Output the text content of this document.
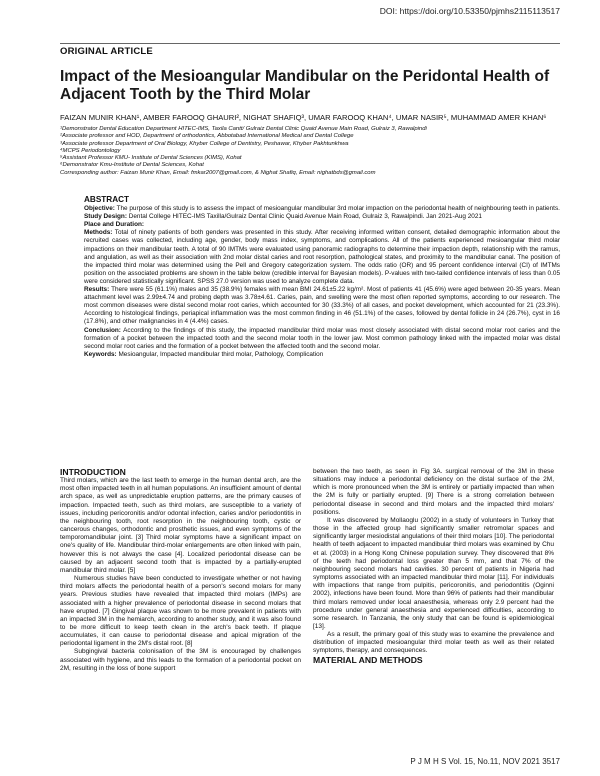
DOI: https://doi.org/10.53350/pjmhs2115113517
ORIGINAL ARTICLE
Impact of the Mesioangular Mandibular on the Peridontal Health of Adjacent Tooth by the Third Molar
FAIZAN MUNIR KHAN¹, AMBER FAROOQ GHAURI², NIGHAT SHAFIQ³, UMAR FAROOQ KHAN⁴, UMAR NASIR⁵, MUHAMMAD AMER KHAN⁶
¹Demonstrator Dental Education Department HITEC-IMS, Taxila Cantt/ Gulraiz Dental Clinic Quaid Avenue Main Road, Gulraiz 3, Rawalpindi
²Associate professor and HOD, Department of orthodontics, Abbotabad International Medical and Dental College
³Associate professor Department of Oral Biology, Khyber College of Dentistry, Peshawar, Khyber Pakhtunkhwa
⁴MCPS Periodontology
⁵Assistant Professor KMU- Institute of Dental Sciences (KIMS), Kohat
⁶Demonstrator Kmu-Institute of Dental Sciences, Kohat
Corresponding author: Faizan Munir Khan, Email: fmkar2007@gmail.com, & Nighat Shafiq, Email: nighatbds@gmail.com
ABSTRACT

Objective: The purpose of this study is to assess the impact of mesioangular mandibular 3rd molar impaction on the periodontal health of neighbouring teeth in patients.

Study Design: Dental College HITEC-IMS Taxilla/Gulraiz Dental Clinic Quaid Avenue Main Road, Gulraiz 3, Rawalpindi. Jan 2021-Aug 2021

Place and Duration:

Methods: Total of ninety patients of both genders was presented in this study. After receiving informed written consent, detailed demographic information about the recruited cases was collected, including age, gender, body mass index, symptoms, and complications. All of the patients experienced mesioangular third molar impactions on their mandibular teeth. A total of 90 IMTMs were evaluated using panoramic radiographs to determine their impaction depth, relationship with the ramus, and angulation, as well as their association with 2nd molar distal caries and root resorption, pathological states, and proximity to the mandibular canal. The position of the impacted third molar was determined using the Pell and Gregory categorization system. The odds ratio (OR) and 95 percent confidence interval (CI) of IMTMs position on the associated problems are shown in the table below (credible interval for Bayesian models). P-values with two-tailed confidence intervals of less than 0.05 were considered statistically significant. SPSS 27.0 version was used to analyze complete data.

Results: There were 55 (61.1%) males and 35 (38.9%) females with mean BMI 24.61±5.22 kg/m². Most of patients 41 (45.6%) were aged between 20-35 years. Mean attachment level was 2.99±4.74 and probing depth was 3.78±4.61. Caries, pain, and swelling were the most often reported symptoms, according to our research. The most common diseases were distal second molar root caries, which accounted for 30 (33.3%) of all cases, and pocket development, which accounted for 21 (23.3%). According to histological findings, periapical inflammation was the most common finding in 46 (51.1%) of the cases, followed by dental follicle in 24 (26.7%), cyst in 16 (17.8%), and other malignancies in 4 (4.4%) cases.

Conclusion: According to the findings of this study, the impacted mandibular third molar was most closely associated with distal second molar root caries and the formation of a pocket between the impacted tooth and the second molar tooth in the lower jaw. Most common pathology linked with the impacted molar was distal second molar root caries and the formation of a pocket between the affected tooth and the second molar.

Keywords: Mesioangular, Impacted mandibular third molar, Pathology, Complication

INTRODUCTION

Third molars, which are the last teeth to emerge in the human dental arch, are the most often impacted teeth in all human populations. An insufficient amount of dental arch space, as well as unpredictable eruption patterns, are the primary causes of impaction. Impacted teeth, such as third molars, are susceptible to a variety of issues, including pericoronitis and/or odontal infection, caries and/or periodontitis in the neighbouring tooth, root resorption in the neighbouring tooth, cystic or cancerous changes, orthodontic and prosthetic issues, and even symptoms of the temporomandibular joint. [3] Third molar symptoms have a significant impact on one's quality of life. Mandibular third-molar enlargements are often linked with pain, however this is not always the case [4]. Localized periodontal disease can be caused by an adjacent second tooth that is impacted by a partially-erupted mandibular third molar. [5]

Numerous studies have been conducted to investigate whether or not having third molars affects the periodontal health of a person's second molars for many years. Previous studies have revealed that impacted third molars (IMPs) are associated with a higher prevalence of periodontal disease in second molars that have erupted. [7] Gingival plaque was shown to be more prevalent in patients with an impacted 3M in the hemiarch, according to another study, and it was also found to be more difficult to keep teeth clean in the arch's back teeth. If plaque accumulates, it can cause to periodontal disease and apical migration of the periodontal ligament in the 2M's distal root. [8]

Subgingival bacteria colonisation of the 3M is encouraged by challenges associated with hygiene, and this leads to the formation of a periodontal pocket on 2M, resulting in the loss of bone support

between the two teeth, as seen in Fig 3A. surgical removal of the 3M in these situations may induce a periodontal deficiency on the distal surface of the 2M, which is more pronounced when the 3M is entirely or partially impacted than when the 2M is fully or partially erupted. [9] There is a strong correlation between periodontal disease in second and third molars and the impacted third molars' positions.

It was discovered by Mollaoglu (2002) in a study of volunteers in Turkey that those in the affected group had significantly smaller retromolar spaces and significantly larger mesiodistal angulations of their third molars [10]. The periodontal health of teeth adjacent to impacted mandibular third molars was examined by Chu et al. (2003) in a Hong Kong Chinese population survey. They discovered that 8% of the teeth had periodontal loss greater than 5 mm, and that 7% of the neighbouring second molars had cavities. 30 percent of patients in Nigeria had symptoms associated with an impacted mandibular third molar [11]. For individuals with impactions that range from pulpitis, pericoronitis, and periodontitis (Oginni 2002), infections have been found. More than 96% of patients had their mandibular third molars removed under local anaesthesia, whereas only 2.9 percent had the procedure under general anaesthesia and experienced difficulties, according to some research. In Tanzania, the only study that can be found is epidemiological [13].

As a result, the primary goal of this study was to examine the prevalence and distribution of impacted mesioangular third molar teeth as well as their related symptoms, therapy, and consequences.

MATERIAL AND METHODS
P J M H S Vol. 15, No.11, NOV 2021 3517
